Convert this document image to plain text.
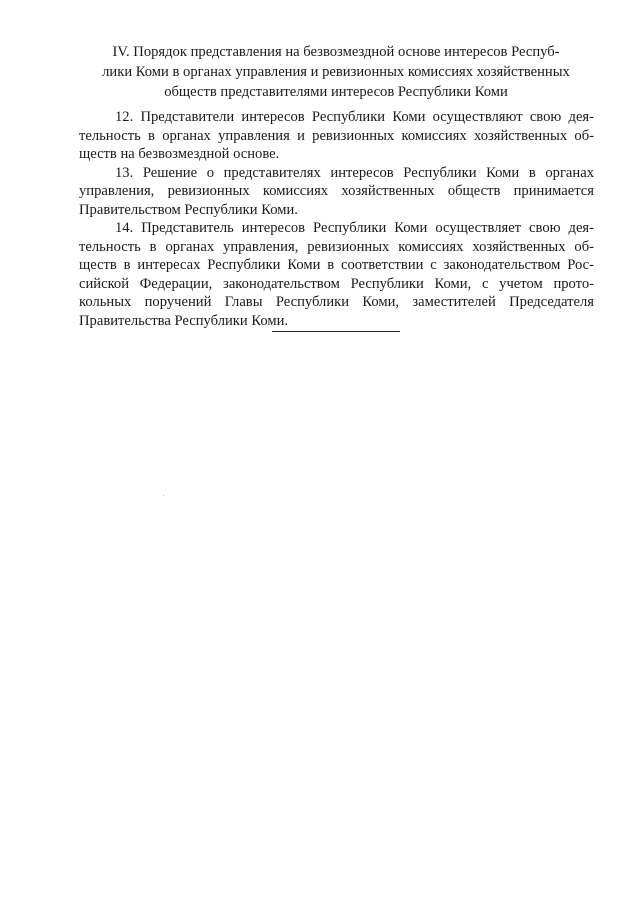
IV. Порядок представления на безвозмездной основе интересов Респуб-
лики Коми в органах управления и ревизионных комиссиях хозяйственных
обществ представителями интересов Республики Коми

12. Представители интересов Республики Коми осуществляют свою дея-
тельность в органах управления и ревизионных комиссиях хозяйственных об-
ществ на безвозмездной основе.

13. Решение о представителях интересов Республики Коми в органах
управления, ревизионных комиссиях хозяйственных обществ принимается
Правительством Республики Коми.

14. Представитель интересов Республики Коми осуществляет свою дея-
тельность в органах управления, ревизионных комиссиях хозяйственных об-
ществ в интересах Республики Коми в соответствии с законодательством Рос-
сийской Федерации, законодательством Республики Коми, с учетом прото-
кольных поручений Главы Республики Коми, заместителей Председателя
Правительства Республики Коми.
